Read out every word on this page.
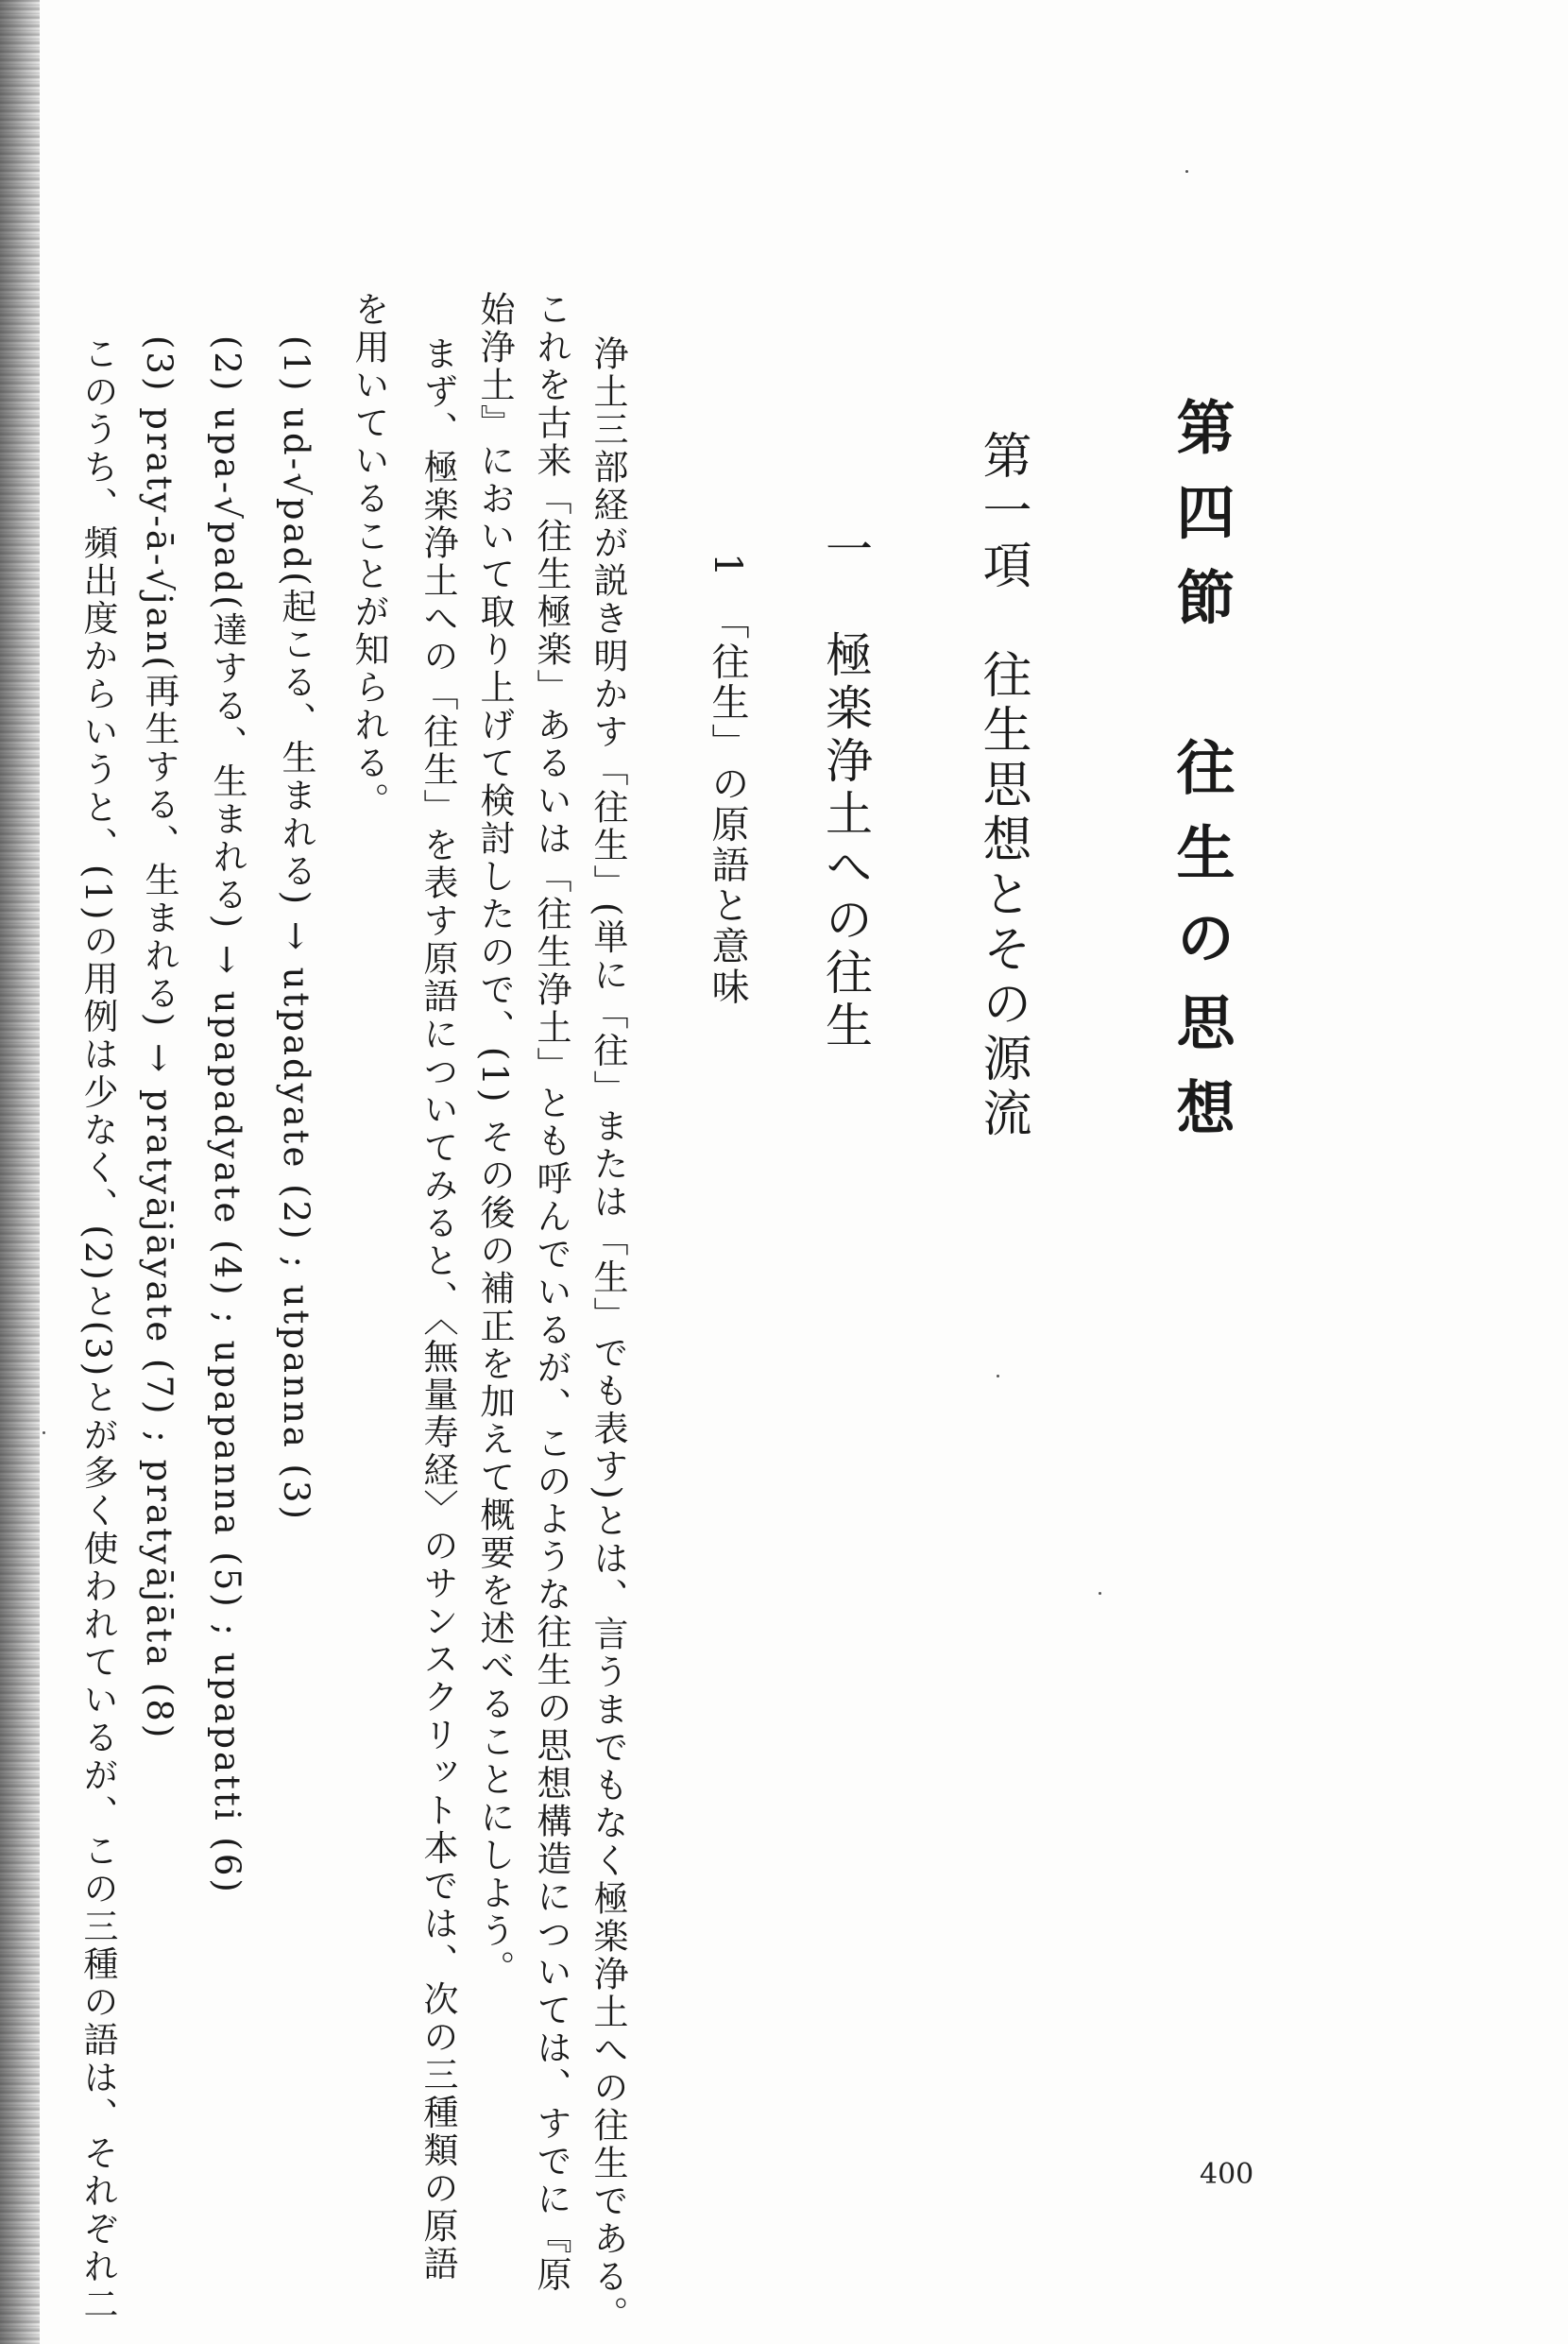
第四節　往生の思想
第一項　往生思想とその源流
一　極楽浄土への往生
1　「往生」の原語と意味
浄土三部経が説き明かす「往生」(単に「往」または「生」でも表す)とは、言うまでもなく極楽浄土への往生である。
これを古来「往生極楽」あるいは「往生浄土」とも呼んでいるが、このような往生の思想構造については、すでに『原
始浄土』において取り上げて検討したので、(1) その後の補正を加えて概要を述べることにしよう。
まず、極楽浄土への「往生」を表す原語についてみると、〈無量寿経〉のサンスクリット本では、次の三種類の原語
を用いていることが知られる。
(1) ud-√pad(起こる、生まれる) → utpadyate (2) ; utpanna (3)
(2) upa-√pad(達する、生まれる) → upapadyate (4) ; upapanna (5) ; upapatti (6)
(3) praty-ā-√jan(再生する、生まれる) → pratyājāyate (7) ; pratyājāta (8)
このうち、頻出度からいうと、(1)の用例は少なく、(2)と(3)とが多く使われているが、この三種の語は、それぞれ二	400
